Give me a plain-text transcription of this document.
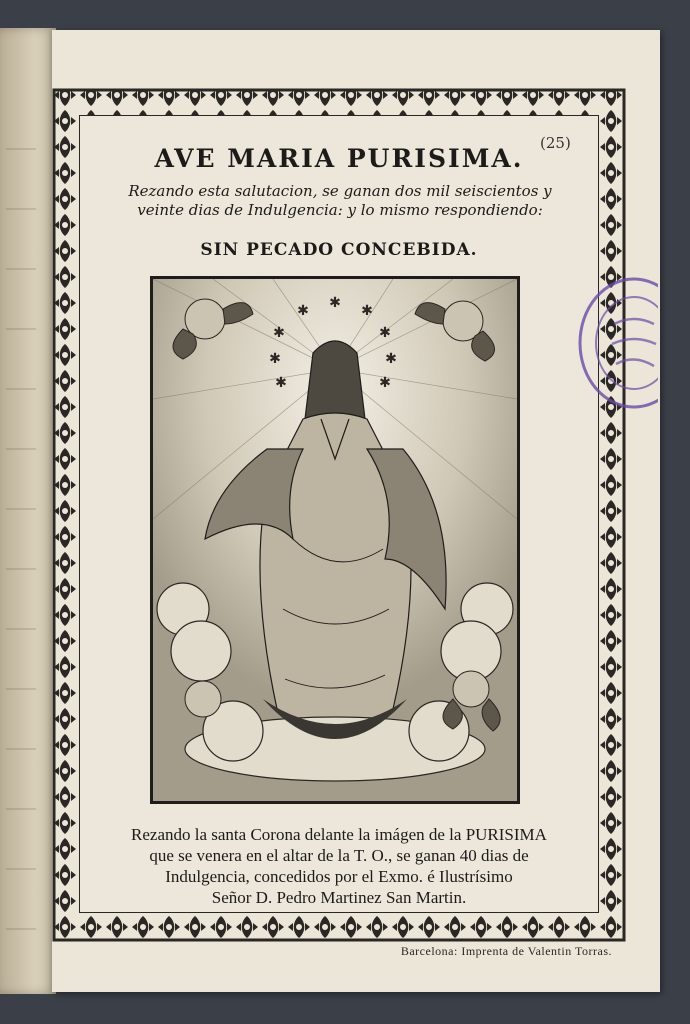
AVE MARIA PURISIMA.
(25)
Rezando esta salutacion, se ganan dos mil seiscientos y veinte dias de Indulgencia: y lo mismo respondiendo:
SIN PECADO CONCEBIDA.
✱ ✱ ✱
✱
✱
✱
✱
✱
✱
Rezando la santa Corona delante la imágen de la PURISIMA
que se venera en el altar de la T. O., se ganan 40 dias de
Indulgencia, concedidos por el Exmo. é Ilustrísimo
Señor D. Pedro Martinez San Martin.
Barcelona: Imprenta de Valentin Torras.
